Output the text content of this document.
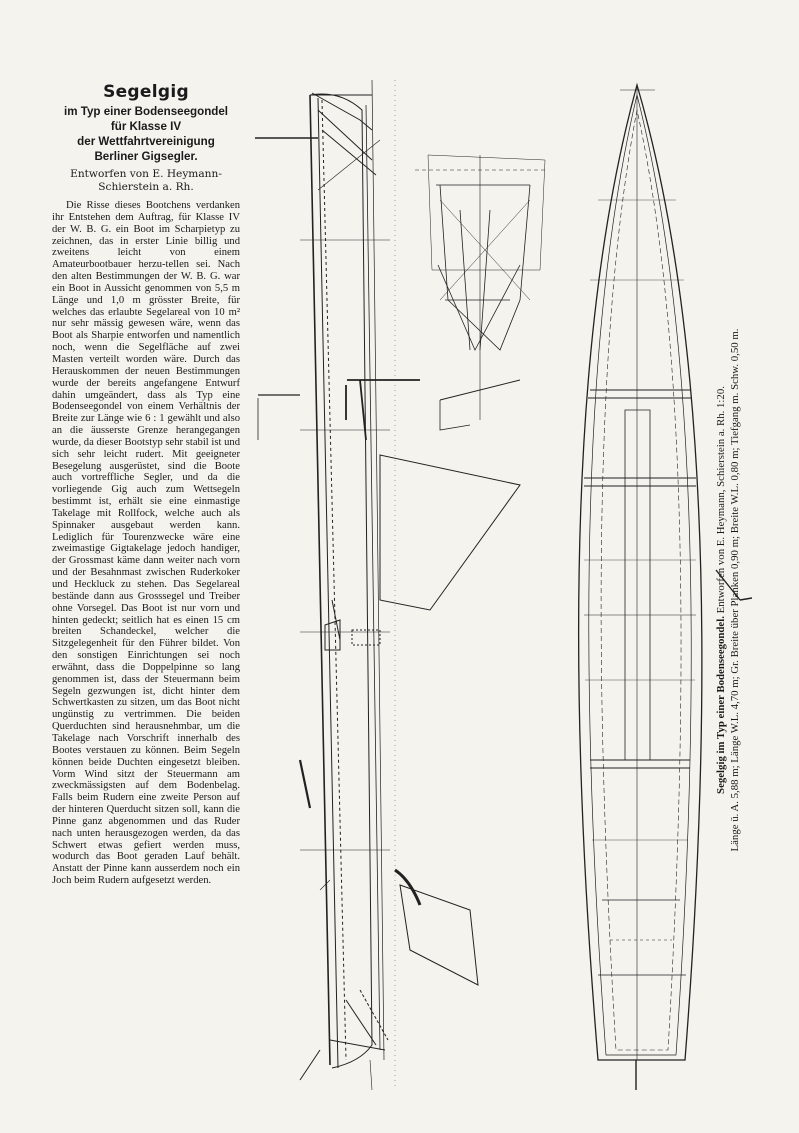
Segelgig
im Typ einer Bodenseegondel
für Klasse IV
der Wettfahrtvereinigung
Berliner Gigsegler.
Entworfen von E. Heymann-
Schierstein a. Rh.

Die Risse dieses Bootchens verdanken ihr Entstehen dem Auftrag, für Klasse IV der W. B. G. ein Boot im Scharpietyp zu zeichnen, das in erster Linie billig und zweitens leicht von einem Amateurbootbauer herzu-tellen sei. Nach den alten Bestimmungen der W. B. G. war ein Boot in Aussicht genommen von 5,5 m Länge und 1,0 m grösster Breite, für welches das erlaubte Segelareal von 10 m² nur sehr mässig gewesen wäre, wenn das Boot als Sharpie entworfen und namentlich noch, wenn die Segelfläche auf zwei Masten verteilt worden wäre. Durch das Herauskommen der neuen Bestimmungen wurde der bereits angefangene Entwurf dahin umgeändert, dass als Typ eine Bodenseegondel von einem Verhältnis der Breite zur Länge wie 6 : 1 gewählt und also an die äusserste Grenze herangegangen wurde, da dieser Bootstyp sehr stabil ist und sich sehr leicht rudert. Mit geeigneter Besegelung ausgerüstet, sind die Boote auch vortreffliche Segler, und da die vorliegende Gig auch zum Wettsegeln bestimmt ist, erhält sie eine einmastige Takelage mit Rollfock, welche auch als Spinnaker ausgebaut werden kann. Lediglich für Tourenzwecke wäre eine zweimastige Gigtakelage jedoch handiger, der Grossmast käme dann weiter nach vorn und der Besahnmast zwischen Ruderkoker und Heckluck zu stehen. Das Segelareal bestände dann aus Grosssegel und Treiber ohne Vorsegel. Das Boot ist nur vorn und hinten gedeckt; seitlich hat es einen 15 cm breiten Schandeckel, welcher die Sitzgelegenheit für den Führer bildet. Von den sonstigen Einrichtungen sei noch erwähnt, dass die Doppelpinne so lang genommen ist, dass der Steuermann beim Segeln gezwungen ist, dicht hinter dem Schwertkasten zu sitzen, um das Boot nicht ungünstig zu vertrimmen. Die beiden Querduchten sind herausnehmbar, um die Takelage nach Vorschrift innerhalb des Bootes verstauen zu können. Beim Segeln können beide Duchten eingesetzt bleiben. Vorm Wind sitzt der Steuermann am zweckmässigsten auf dem Bodenbelag. Falls beim Rudern eine zweite Person auf der hinteren Querducht sitzen soll, kann die Pinne ganz abgenommen und das Ruder nach unten herausgezogen werden, da das Schwert etwas gefiert werden muss, wodurch das Boot geraden Lauf behält. Anstatt der Pinne kann ausserdem noch ein Joch beim Rudern aufgesetzt werden.

Segelgig im Typ einer Bodenseegondel. Entworfen von E. Heymann, Schierstein a. Rh. 1:20. Länge ü. A. 5,88 m; Länge W.L. 4,70 m; Gr. Breite über Planken 0,90 m; Breite W.L. 0,80 m; Tiefgang m. Schw. 0,50 m.
